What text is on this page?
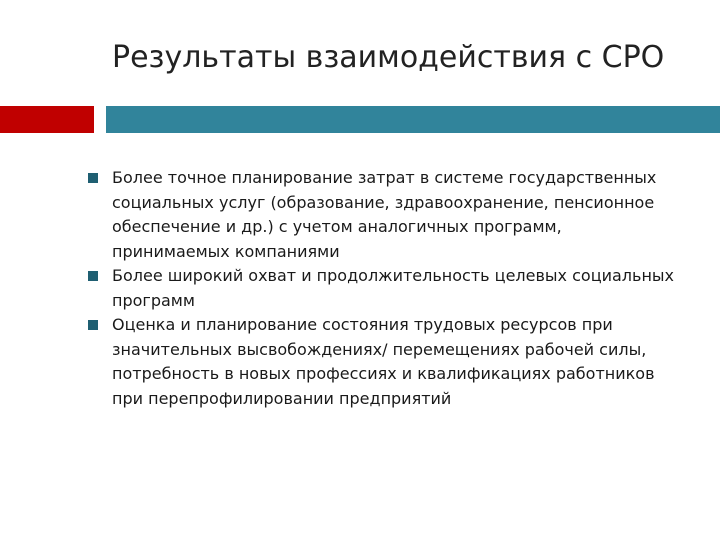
Результаты взаимодействия с СРО
Более точное планирование затрат в системе государственных социальных услуг (образование, здравоохранение, пенсионное обеспечение и др.) с учетом аналогичных программ, принимаемых компаниями
Более широкий охват и продолжительность целевых социальных программ
Оценка и планирование состояния трудовых ресурсов при значительных высвобождениях/ перемещениях рабочей силы, потребность в новых профессиях и квалификациях работников при перепрофилировании предприятий
